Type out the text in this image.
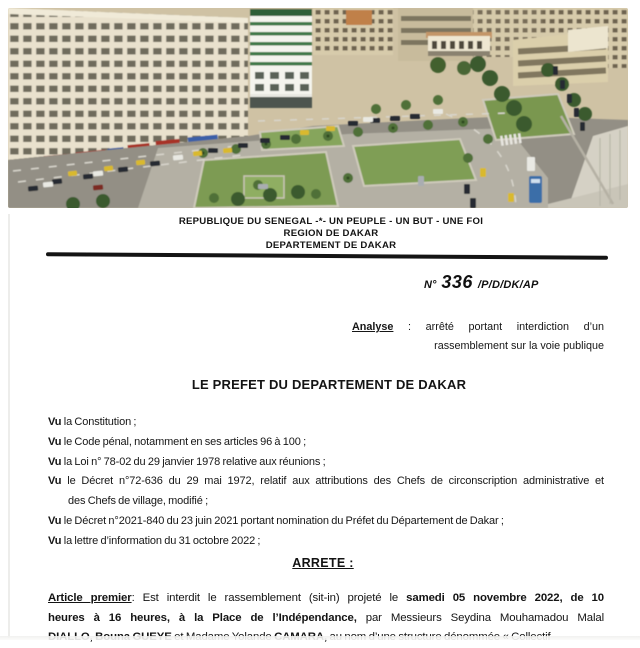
REPUBLIQUE DU SENEGAL -*- UN PEUPLE - UN BUT - UNE FOI
REGION DE DAKAR
DEPARTEMENT DE DAKAR
N° 336 /P/D/DK/AP
Analyse : arrêté portant interdiction d’un
rassemblement sur la voie publique
LE PREFET DU DEPARTEMENT DE DAKAR
Vu la Constitution ;
Vu le Code pénal, notamment en ses articles 96 à 100 ;
Vu la Loi n° 78-02 du 29 janvier 1978 relative aux réunions ;
Vu le Décret n°72-636 du 29 mai 1972, relatif aux attributions des Chefs de circonscription administrative et
des Chefs de village, modifié ;
Vu le Décret n°2021-840 du 23 juin 2021 portant nomination du Préfet du Département de Dakar ;
Vu la lettre d’information du 31 octobre 2022 ;
ARRETE :
Article premier: Est interdit le rassemblement (sit-in) projeté le samedi 05 novembre 2022, de 10
heures à 16 heures, à la Place de l’Indépendance, par Messieurs Seydina Mouhamadou Malal
